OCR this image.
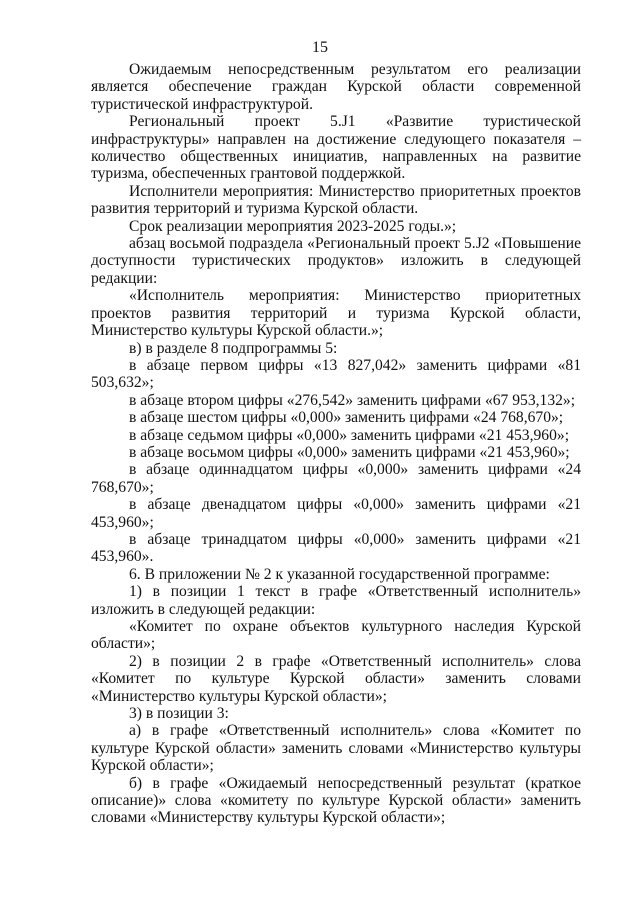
15

Ожидаемым непосредственным результатом его реализации является обеспечение граждан Курской области современной туристической инфраструктурой.

Региональный проект 5.J1 «Развитие туристической инфраструктуры» направлен на достижение следующего показателя – количество общественных инициатив, направленных на развитие туризма, обеспеченных грантовой поддержкой.

Исполнители мероприятия: Министерство приоритетных проектов развития территорий и туризма Курской области.

Срок реализации мероприятия 2023-2025 годы.»;

абзац восьмой подраздела «Региональный проект 5.J2 «Повышение доступности туристических продуктов» изложить в следующей редакции:

«Исполнитель мероприятия: Министерство приоритетных проектов развития территорий и туризма Курской области, Министерство культуры Курской области.»;

в) в разделе 8 подпрограммы 5:

в абзаце первом цифры «13 827,042» заменить цифрами «81 503,632»;

в абзаце втором цифры «276,542» заменить цифрами «67 953,132»;

в абзаце шестом цифры «0,000» заменить цифрами «24 768,670»;

в абзаце седьмом цифры «0,000» заменить цифрами «21 453,960»;

в абзаце восьмом цифры «0,000» заменить цифрами «21 453,960»;

в абзаце одиннадцатом цифры «0,000» заменить цифрами «24 768,670»;

в абзаце двенадцатом цифры «0,000» заменить цифрами «21 453,960»;

в абзаце тринадцатом цифры «0,000» заменить цифрами «21 453,960».

6. В приложении № 2 к указанной государственной программе:

1) в позиции 1 текст в графе «Ответственный исполнитель» изложить в следующей редакции:

«Комитет по охране объектов культурного наследия Курской области»;

2) в позиции 2 в графе «Ответственный исполнитель» слова «Комитет по культуре Курской области» заменить словами «Министерство культуры Курской области»;

3) в позиции 3:

а) в графе «Ответственный исполнитель» слова «Комитет по культуре Курской области» заменить словами «Министерство культуры Курской области»;

б) в графе «Ожидаемый непосредственный результат (краткое описание)» слова «комитету по культуре Курской области» заменить словами «Министерству культуры Курской области»;
